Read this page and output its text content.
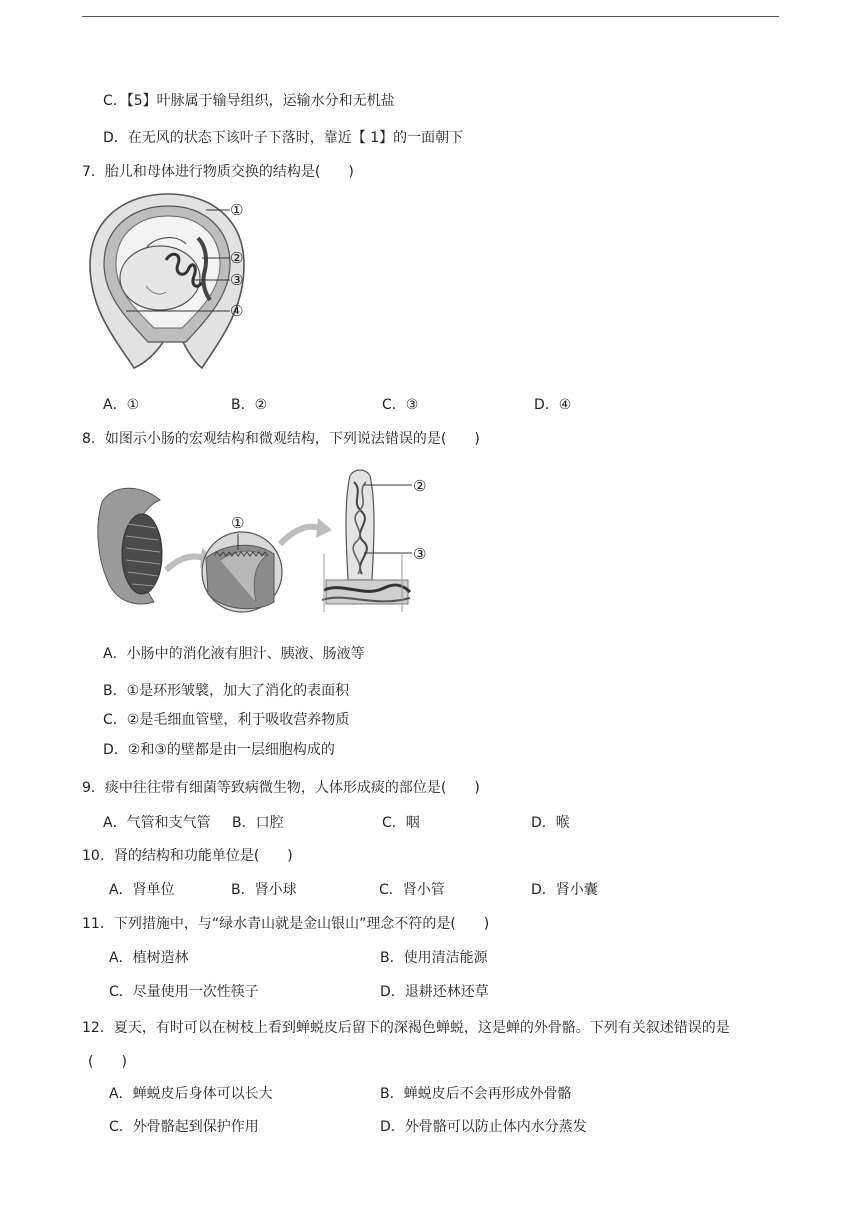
C．【5】叶脉属于输导组织，运输水分和无机盐
D．在无风的状态下该叶子下落时，靠近【 1】的一面朝下
7．胎儿和母体进行物质交换的结构是(　　)
①
②
③
④
A．①	B．②	C．③	D．④
8．如图示小肠的宏观结构和微观结构，下列说法错误的是(　　)
①
②
③
A．小肠中的消化液有胆汁、胰液、肠液等
B．①是环形皱襞，加大了消化的表面积
C．②是毛细血管壁，利于吸收营养物质
D．②和③的壁都是由一层细胞构成的
9．痰中往往带有细菌等致病微生物，人体形成痰的部位是(　　)
A．气管和支气管 B．口腔	C．咽	D．喉
10．肾的结构和功能单位是(　　)
A．肾单位	B．肾小球	C．肾小管	D．肾小囊
11．下列措施中，与“绿水青山就是金山银山”理念不符的是(　　)
A．植树造林	B．使用清洁能源
C．尽量使用一次性筷子	D．退耕还林还草
12．夏天，有时可以在树枝上看到蝉蜕皮后留下的深褐色蝉蜕，这是蝉的外骨骼。下列有关叙述错误的是
(　　)
A．蝉蜕皮后身体可以长大	B．蝉蜕皮后不会再形成外骨骼
C．外骨骼起到保护作用	D．外骨骼可以防止体内水分蒸发
